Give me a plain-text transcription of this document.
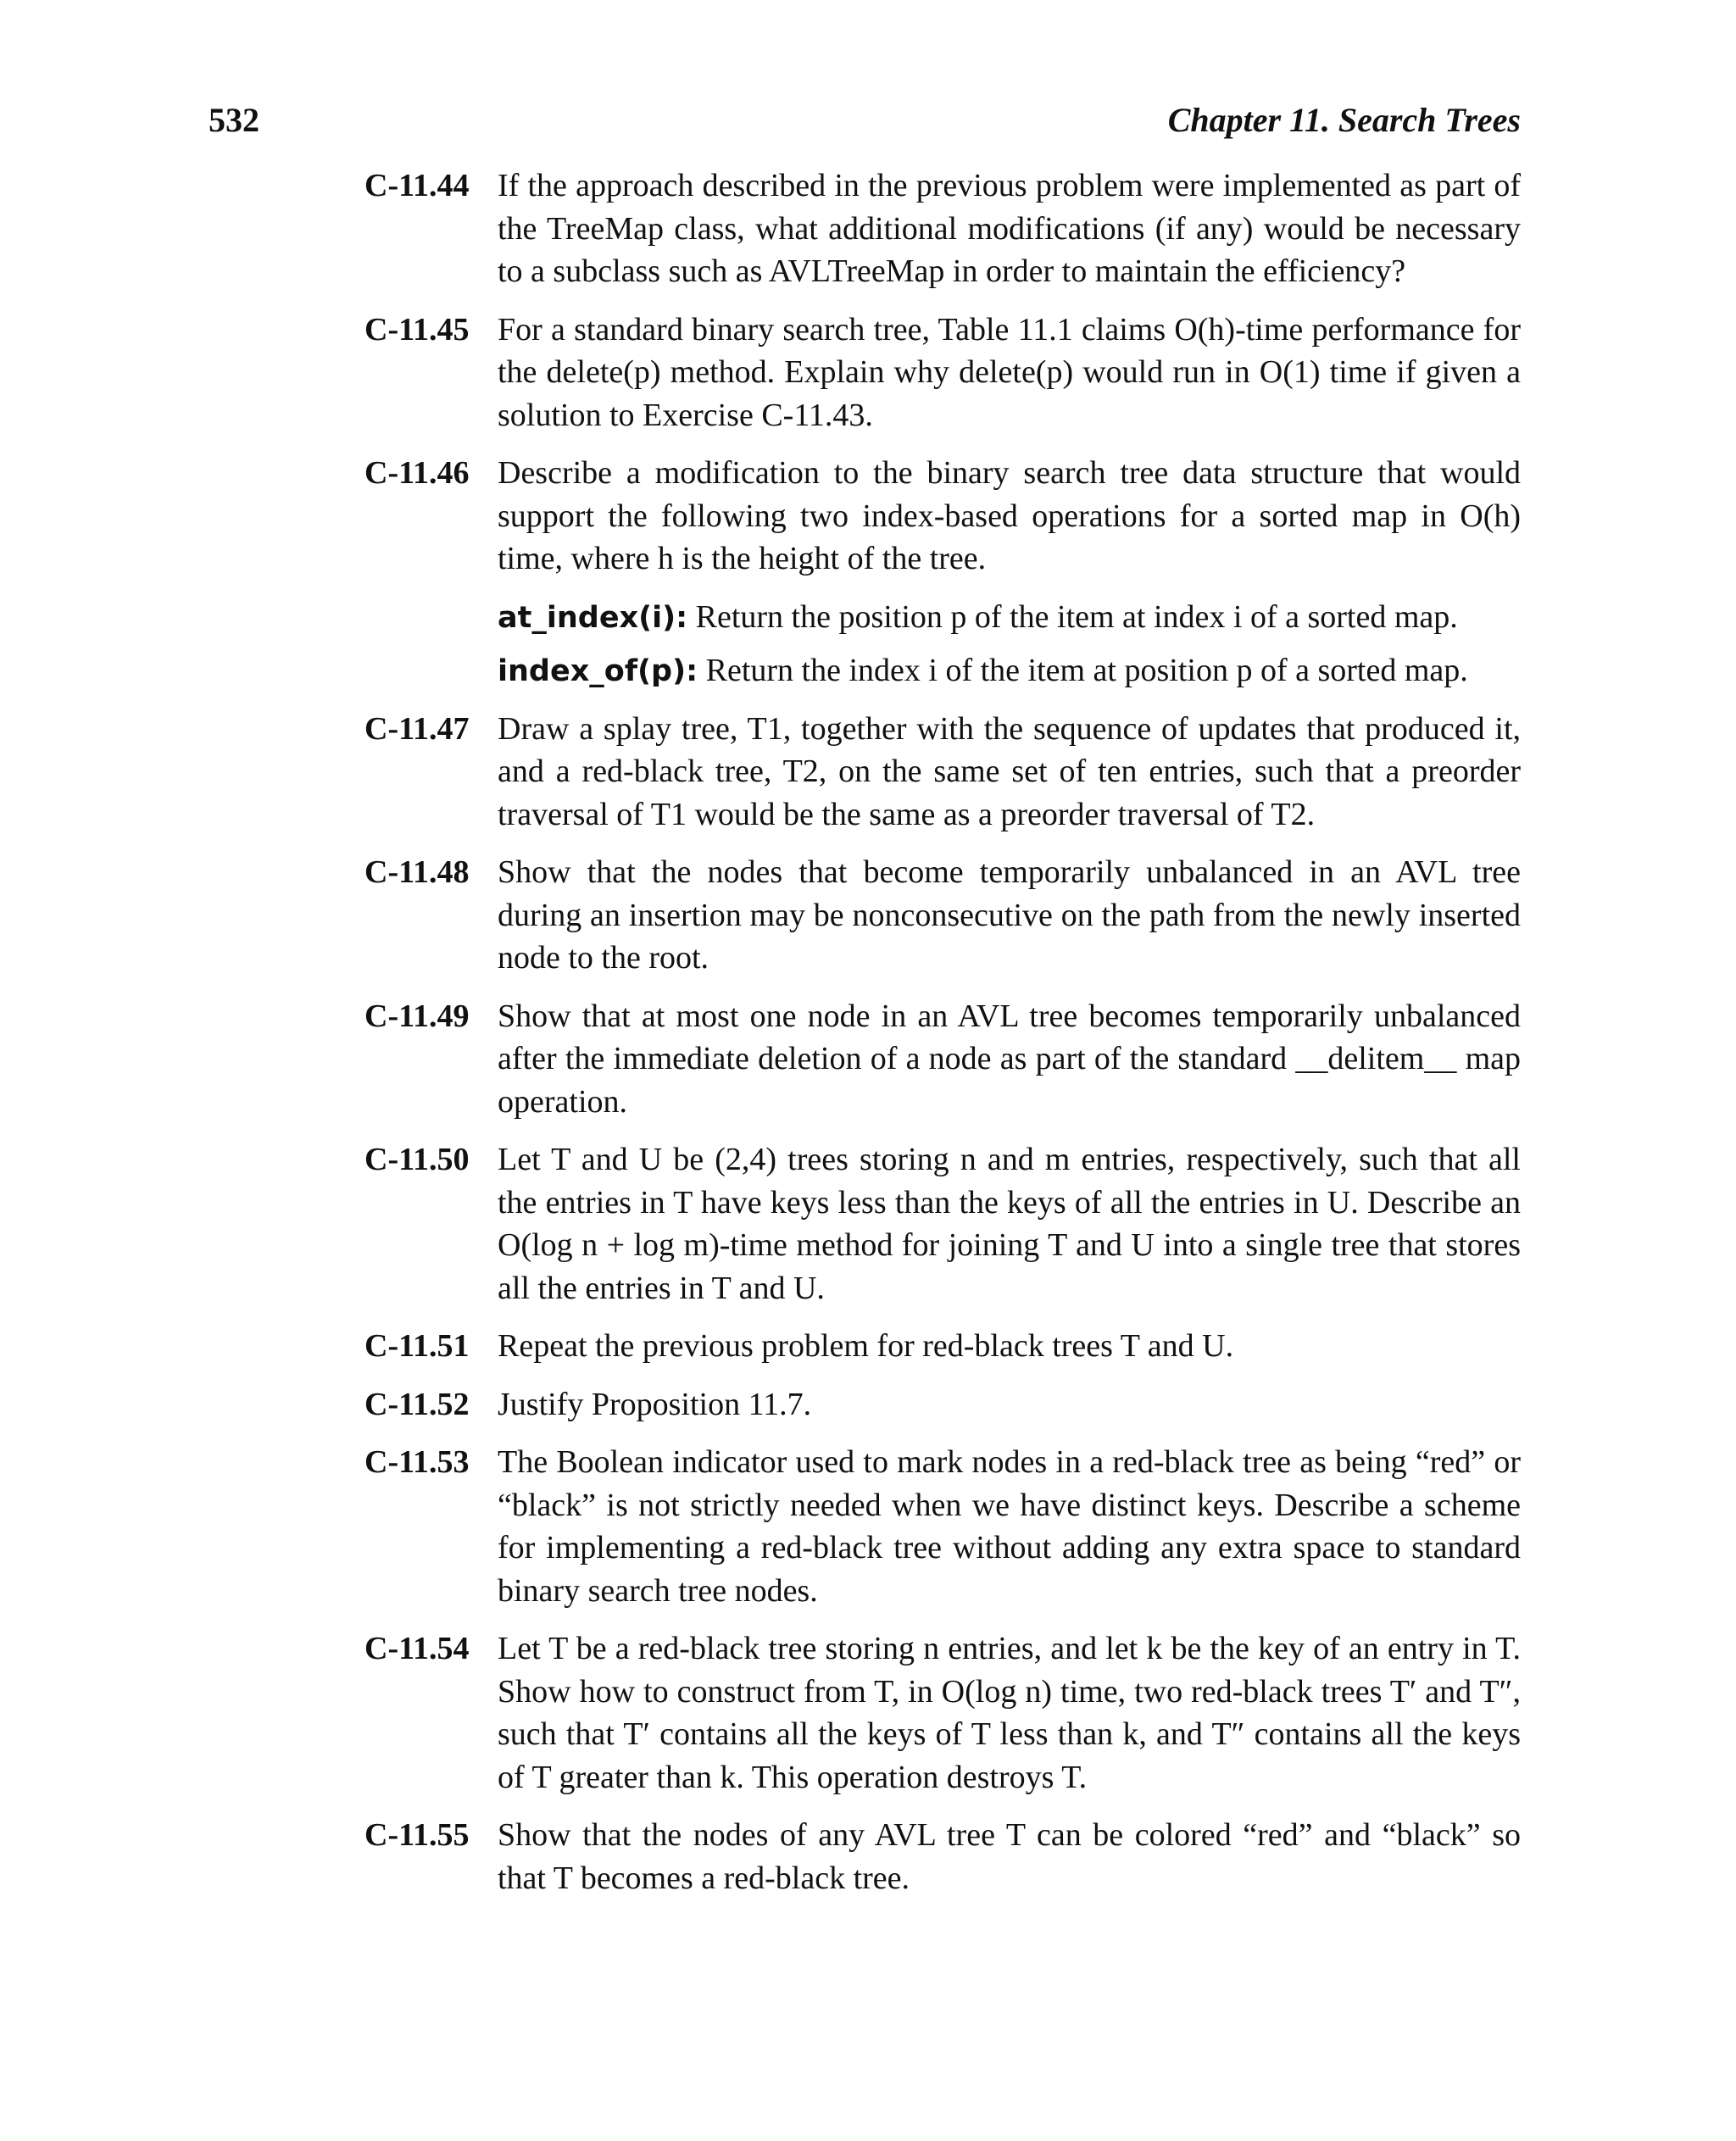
532	Chapter 11. Search Trees
C-11.44 If the approach described in the previous problem were implemented as part of the TreeMap class, what additional modifications (if any) would be necessary to a subclass such as AVLTreeMap in order to maintain the efficiency?

C-11.45 For a standard binary search tree, Table 11.1 claims O(h)-time performance for the delete(p) method. Explain why delete(p) would run in O(1) time if given a solution to Exercise C-11.43.

C-11.46 Describe a modification to the binary search tree data structure that would support the following two index-based operations for a sorted map in O(h) time, where h is the height of the tree.

at_index(i): Return the position p of the item at index i of a sorted map.
index_of(p): Return the index i of the item at position p of a sorted map.
C-11.47 Draw a splay tree, T1, together with the sequence of updates that produced it, and a red-black tree, T2, on the same set of ten entries, such that a preorder traversal of T1 would be the same as a preorder traversal of T2.

C-11.48 Show that the nodes that become temporarily unbalanced in an AVL tree during an insertion may be nonconsecutive on the path from the newly inserted node to the root.

C-11.49 Show that at most one node in an AVL tree becomes temporarily unbalanced after the immediate deletion of a node as part of the standard __delitem__ map operation.

C-11.50 Let T and U be (2,4) trees storing n and m entries, respectively, such that all the entries in T have keys less than the keys of all the entries in U. Describe an O(log n + log m)-time method for joining T and U into a single tree that stores all the entries in T and U.

C-11.51 Repeat the previous problem for red-black trees T and U.

C-11.52 Justify Proposition 11.7.

C-11.53 The Boolean indicator used to mark nodes in a red-black tree as being “red” or “black” is not strictly needed when we have distinct keys. Describe a scheme for implementing a red-black tree without adding any extra space to standard binary search tree nodes.

C-11.54 Let T be a red-black tree storing n entries, and let k be the key of an entry in T. Show how to construct from T, in O(log n) time, two red-black trees T′ and T″, such that T′ contains all the keys of T less than k, and T″ contains all the keys of T greater than k. This operation destroys T.

C-11.55 Show that the nodes of any AVL tree T can be colored “red” and “black” so that T becomes a red-black tree.
